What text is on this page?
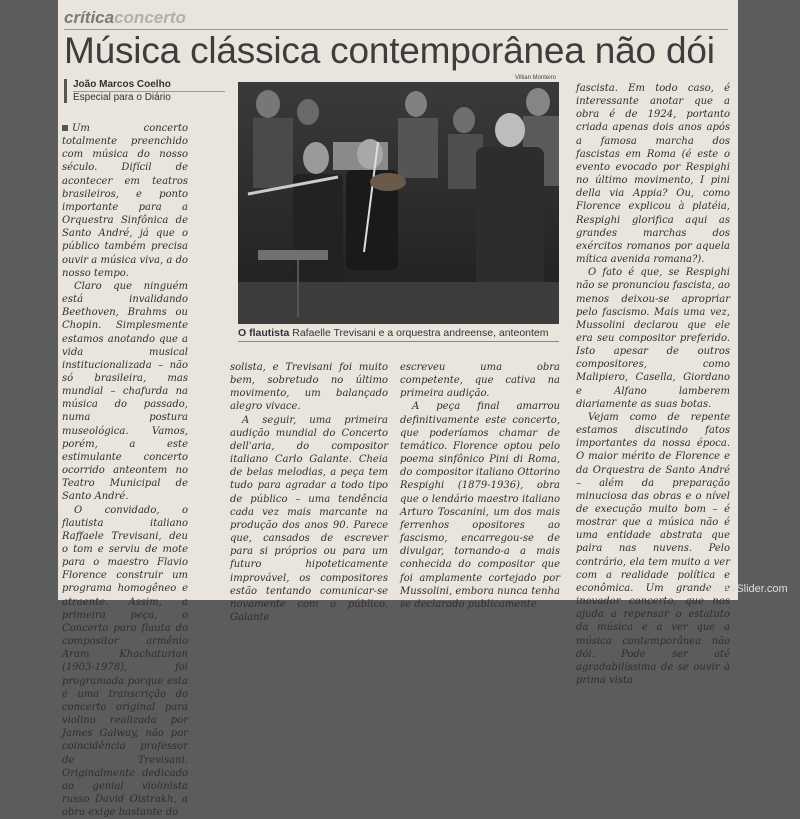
críticaconcerto
Música clássica contemporânea não dói
João Marcos Coelho
Especial para o Diário
Villian Monteiro
O flautista Rafaelle Trevisani e a orquestra andreense, anteontem

Um concerto totalmente preenchido com música do nosso século. Difícil de acontecer em teatros brasileiros, e ponto importante para a Orquestra Sinfônica de Santo André, já que o público também precisa ouvir a música viva, a do nosso tempo.

Claro que ninguém está invalidando Beethoven, Brahms ou Chopin. Simplesmente estamos anotando que a vida musical institucionalizada – não só brasileira, mas mundial – chafurda na música do passado, numa postura museológica. Vamos, porém, a este estimulante concerto ocorrido anteontem no Teatro Municipal de Santo André.

O convidado, o flautista italiano Raffaele Trevisani, deu o tom e serviu de mote para o maestro Flavio Florence construir um programa homogêneo e atraente. Assim, a primeira peça, o Concerto para flauta do compositor armênio Aram Khachaturian (1903-1978), foi programada porque esta é uma transcrição do concerto original para violino realizada por James Galway, não por coincidência professor de Trevisani. Originalmente dedicado ao genial violinista russo David Oistrakh, a obra exige bastante do

solista, e Trevisani foi muito bem, sobretudo no último movimento, um balançado alegro vivace.

A seguir, uma primeira audição mundial do Concerto dell'aria, do compositor italiano Carlo Galante. Cheia de belas melodias, a peça tem tudo para agradar a todo tipo de público – uma tendência cada vez mais marcante na produção dos anos 90. Parece que, cansados de escrever para si próprios ou para um futuro hipoteticamente improvável, os compositores estão tentando comunicar-se novamente com o público. Galante

escreveu uma obra competente, que cativa na primeira audição.

A peça final amarrou definitivamente este concerto, que poderíamos chamar de temático. Florence optou pelo poema sinfônico Pini di Roma, do compositor italiano Ottorino Respighi (1879-1936), obra que o lendário maestro italiano Arturo Toscanini, um dos mais ferrenhos opositores ao fascismo, encarregou-se de divulgar, tornando-a a mais conhecida do compositor que foi amplamente cortejado por Mussolini, embora nunca tenha se declarado publicamente

fascista. Em todo caso, é interessante anotar que a obra é de 1924, portanto criada apenas dois anos após a famosa marcha dos fascistas em Roma (é este o evento evocado por Respighi no último movimento, I pini della via Appia? Ou, como Florence explicou à platéia, Respighi glorifica aqui as grandes marchas dos exércitos romanos por aquela mítica avenida romana?).

O fato é que, se Respighi não se pronunciou fascista, ao menos deixou-se apropriar pelo fascismo. Mais uma vez, Mussolini declarou que ele era seu compositor preferido. Isto apesar de outros compositores, como Malipiero, Casella, Giordano e Alfano lamberem diariamente as suas botas.

Vejam como de repente estamos discutindo fatos importantes da nossa época. O maior mérito de Florence e da Orquestra de Santo André – além da preparação minuciosa das obras e o nível de execução muito bom – é mostrar que a música não é uma entidade abstrata que paira nas nuvens. Pelo contrário, ela tem muito a ver com a realidade política e econômica. Um grande e inovador concerto, que nos ajuda a repensar o estatuto da música e a ver que a música contemporânea não dói. Pode ser até agradabilíssima de se ouvir à prima vista

WOWSlider.com
